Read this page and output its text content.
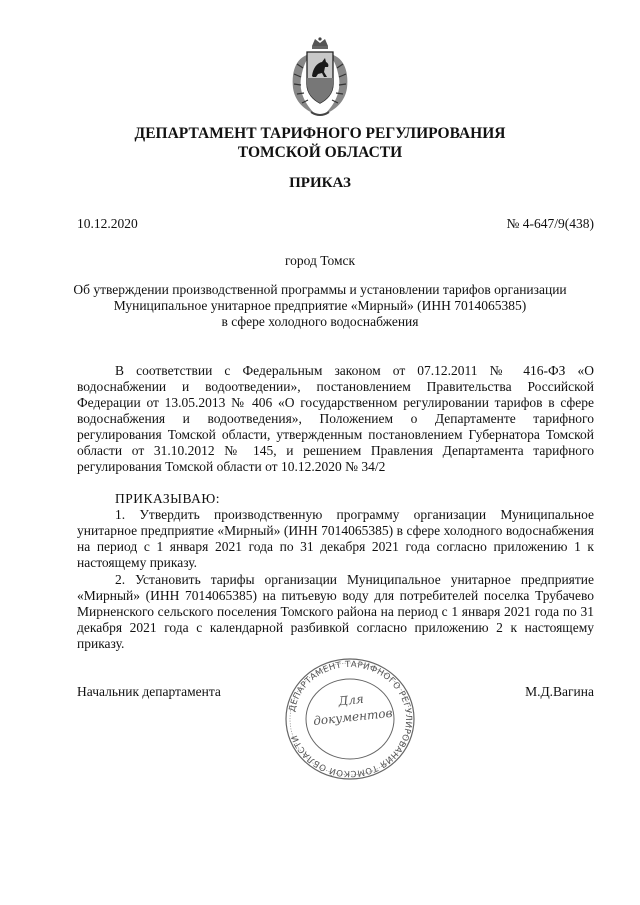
ДЕПАРТАМЕНТ ТАРИФНОГО РЕГУЛИРОВАНИЯ
ТОМСКОЙ ОБЛАСТИ
ПРИКАЗ
10.12.2020	№ 4-647/9(438)
город Томск
Об утверждении производственной программы и установлении тарифов организации
Муниципальное унитарное предприятие «Мирный» (ИНН 7014065385)
в сфере холодного водоснабжения

В соответствии с Федеральным законом от 07.12.2011 № 416-ФЗ «О водоснабжении и водоотведении», постановлением Правительства Российской Федерации от 13.05.2013 № 406 «О государственном регулировании тарифов в сфере водоснабжения и водоотведения», Положением о Департаменте тарифного регулирования Томской области, утвержденным постановлением Губернатора Томской области от 31.10.2012 № 145, и решением Правления Департамента тарифного регулирования Томской области от 10.12.2020 № 34/2

ПРИКАЗЫВАЮ:

1. Утвердить производственную программу организации Муниципальное унитарное предприятие «Мирный» (ИНН 7014065385) в сфере холодного водоснабжения на период с 1 января 2021 года по 31 декабря 2021 года согласно приложению 1 к настоящему приказу.

2. Установить тарифы организации Муниципальное унитарное предприятие «Мирный» (ИНН 7014065385) на питьевую воду для потребителей поселка Трубачево Мирненского сельского поселения Томского района на период с 1 января 2021 года по 31 декабря 2021 года с календарной разбивкой согласно приложению 2 к настоящему приказу.

Начальник департамента
ДЕПАРТАМЕНТ ТАРИФНОГО РЕГУЛИРОВАНИЯ ТОМСКОЙ ОБЛАСТИ
Для
документов
М.Д.Вагина
